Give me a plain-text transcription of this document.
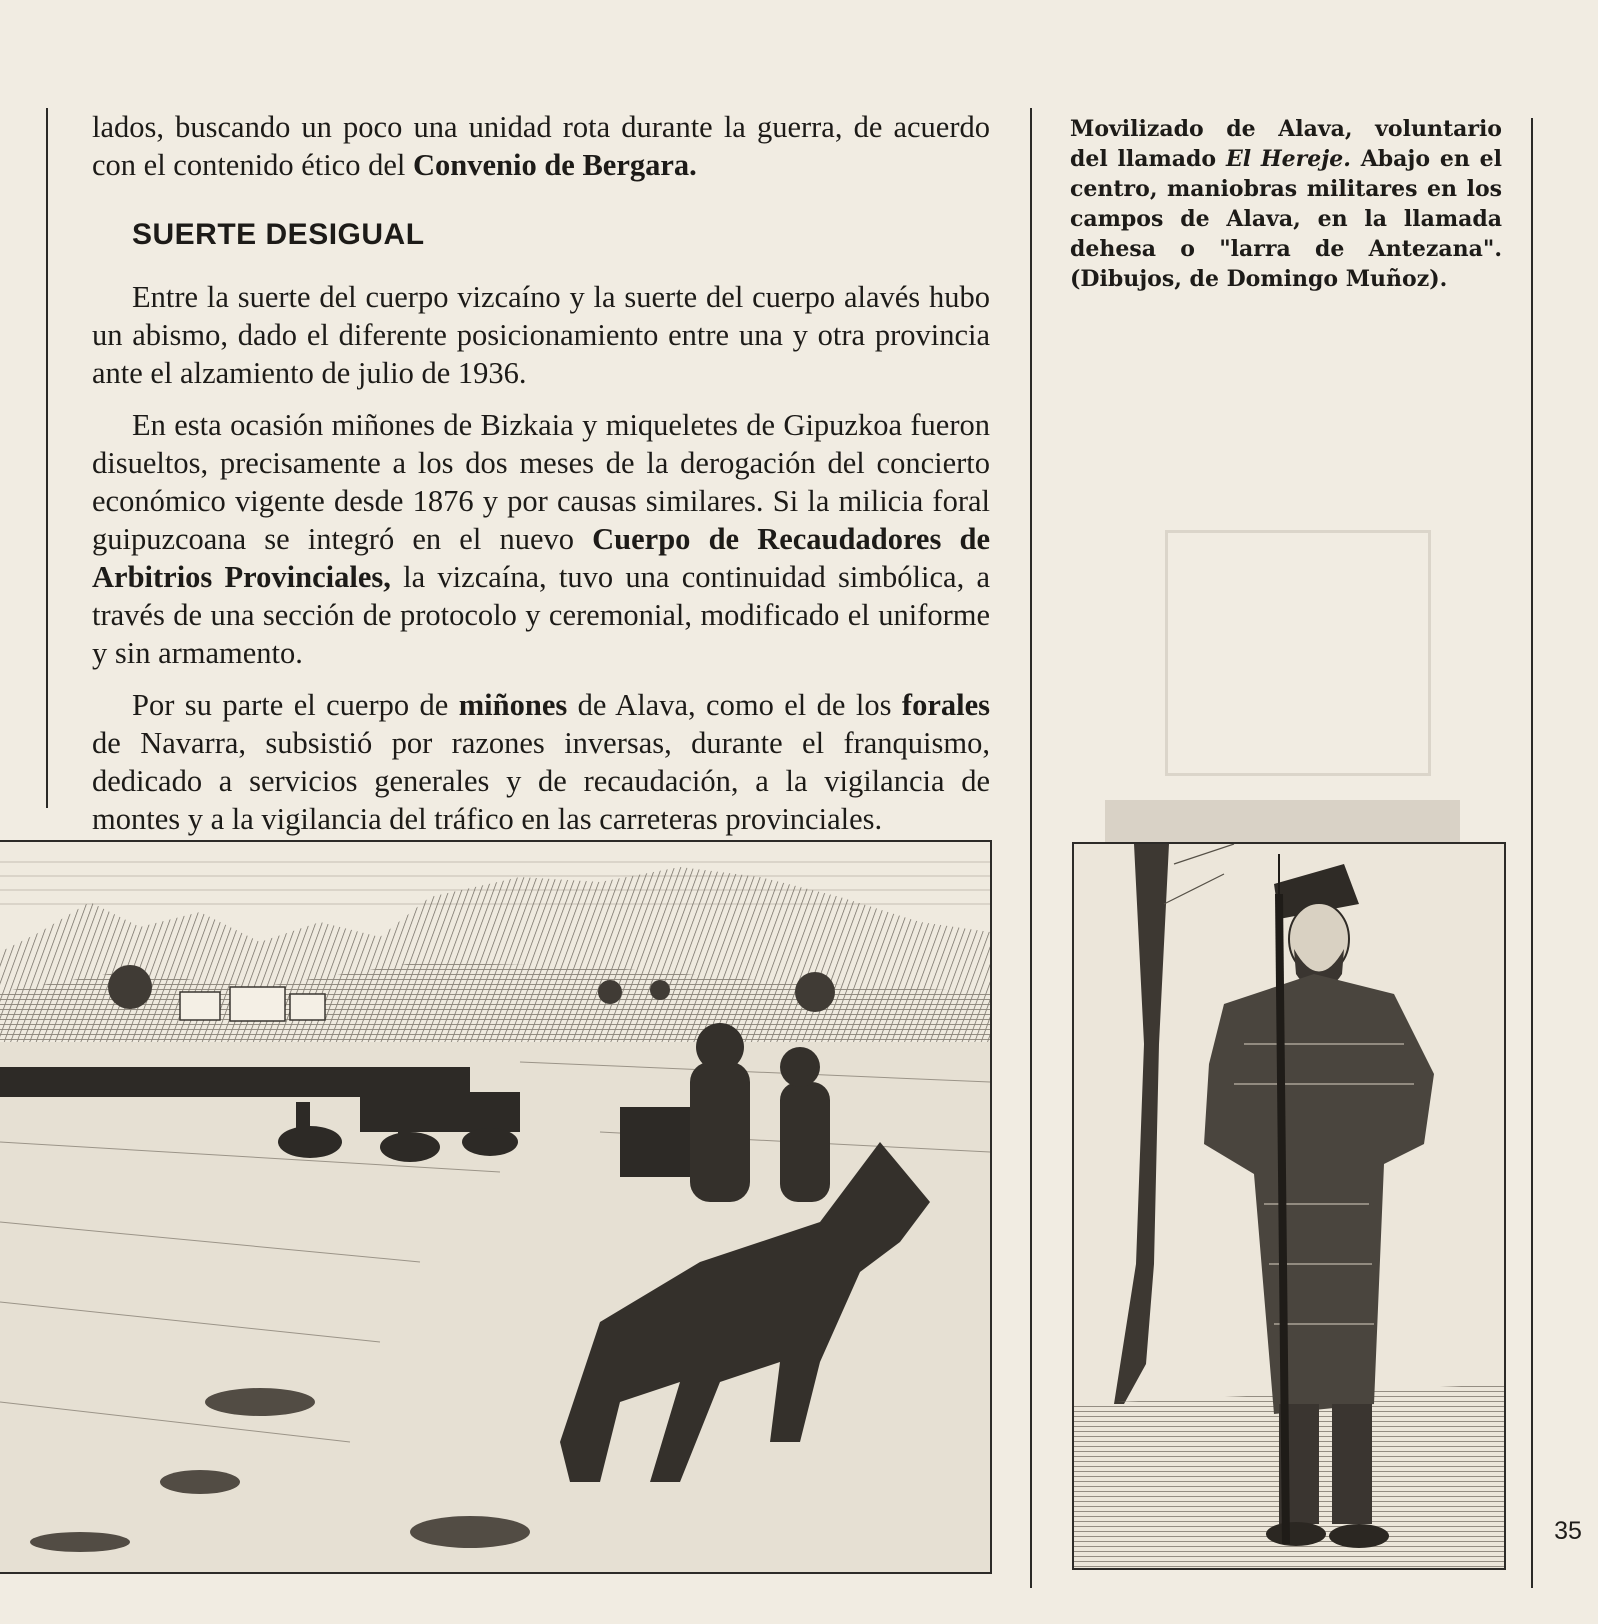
lados, buscando un poco una unidad rota durante la guerra, de acuerdo con el contenido ético del Convenio de Bergara.

SUERTE DESIGUAL

Entre la suerte del cuerpo vizcaíno y la suerte del cuerpo alavés hubo un abismo, dado el diferente posicionamiento entre una y otra provincia ante el alzamiento de julio de 1936.

En esta ocasión miñones de Bizkaia y miqueletes de Gipuzkoa fueron disueltos, precisamente a los dos meses de la derogación del concierto económico vigente desde 1876 y por causas similares. Si la milicia foral guipuzcoana se integró en el nuevo Cuerpo de Recaudadores de Arbitrios Provinciales, la vizcaína, tuvo una continuidad simbólica, a través de una sección de protocolo y ceremonial, modificado el uniforme y sin armamento.

Por su parte el cuerpo de miñones de Alava, como el de los forales de Navarra, subsistió por razones inversas, durante el franquismo, dedicado a servicios generales y de recaudación, a la vigilancia de montes y a la vigilancia del tráfico en las carreteras provinciales.

Movilizado de Alava, voluntario del llamado El Hereje. Abajo en el centro, maniobras militares en los campos de Alava, en la llamada dehesa o "larra de Antezana". (Dibujos, de Domingo Muñoz).
35
